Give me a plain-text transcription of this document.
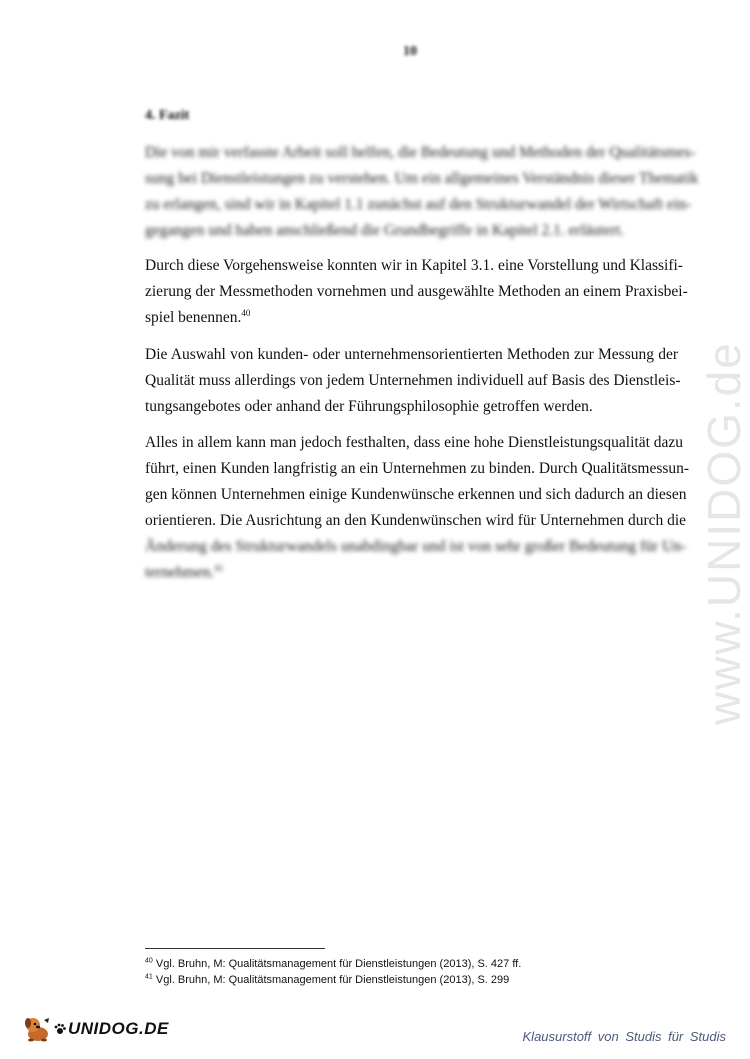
10
4. Fazit
Die von mir verfasste Arbeit soll helfen, die Bedeutung und Methoden der Qualitätsmes-
sung bei Dienstleistungen zu verstehen. Um ein allgemeines Verständnis dieser Thematik
zu erlangen, sind wir in Kapitel 1.1 zunächst auf den Strukturwandel der Wirtschaft ein-
gegangen und haben anschließend die Grundbegriffe in Kapitel 2.1. erläutert.
Durch diese Vorgehensweise konnten wir in Kapitel 3.1. eine Vorstellung und Klassifi-
zierung der Messmethoden vornehmen und ausgewählte Methoden an einem Praxisbei-
spiel benennen.$^{40}$
Die Auswahl von kunden- oder unternehmensorientierten Methoden zur Messung der
Qualität muss allerdings von jedem Unternehmen individuell auf Basis des Dienstleis-
tungsangebotes oder anhand der Führungsphilosophie getroffen werden.
Alles in allem kann man jedoch festhalten, dass eine hohe Dienstleistungsqualität dazu
führt, einen Kunden langfristig an ein Unternehmen zu binden. Durch Qualitätsmessun-
gen können Unternehmen einige Kundenwünsche erkennen und sich dadurch an diesen
orientieren. Die Ausrichtung an den Kundenwünschen wird für Unternehmen durch die
Änderung des Strukturwandels unabdingbar und ist von sehr großer Bedeutung für Un-
ternehmen.$^{41}$
$^{40}$ Vgl. Bruhn, M: Qualitätsmanagement für Dienstleistungen (2013), S. 427 ff.
$^{41}$ Vgl. Bruhn, M: Qualitätsmanagement für Dienstleistungen (2013), S. 299
www.UNIDOG.de
UNIDOG.DE	Klausurstoff von Studis für Studis
